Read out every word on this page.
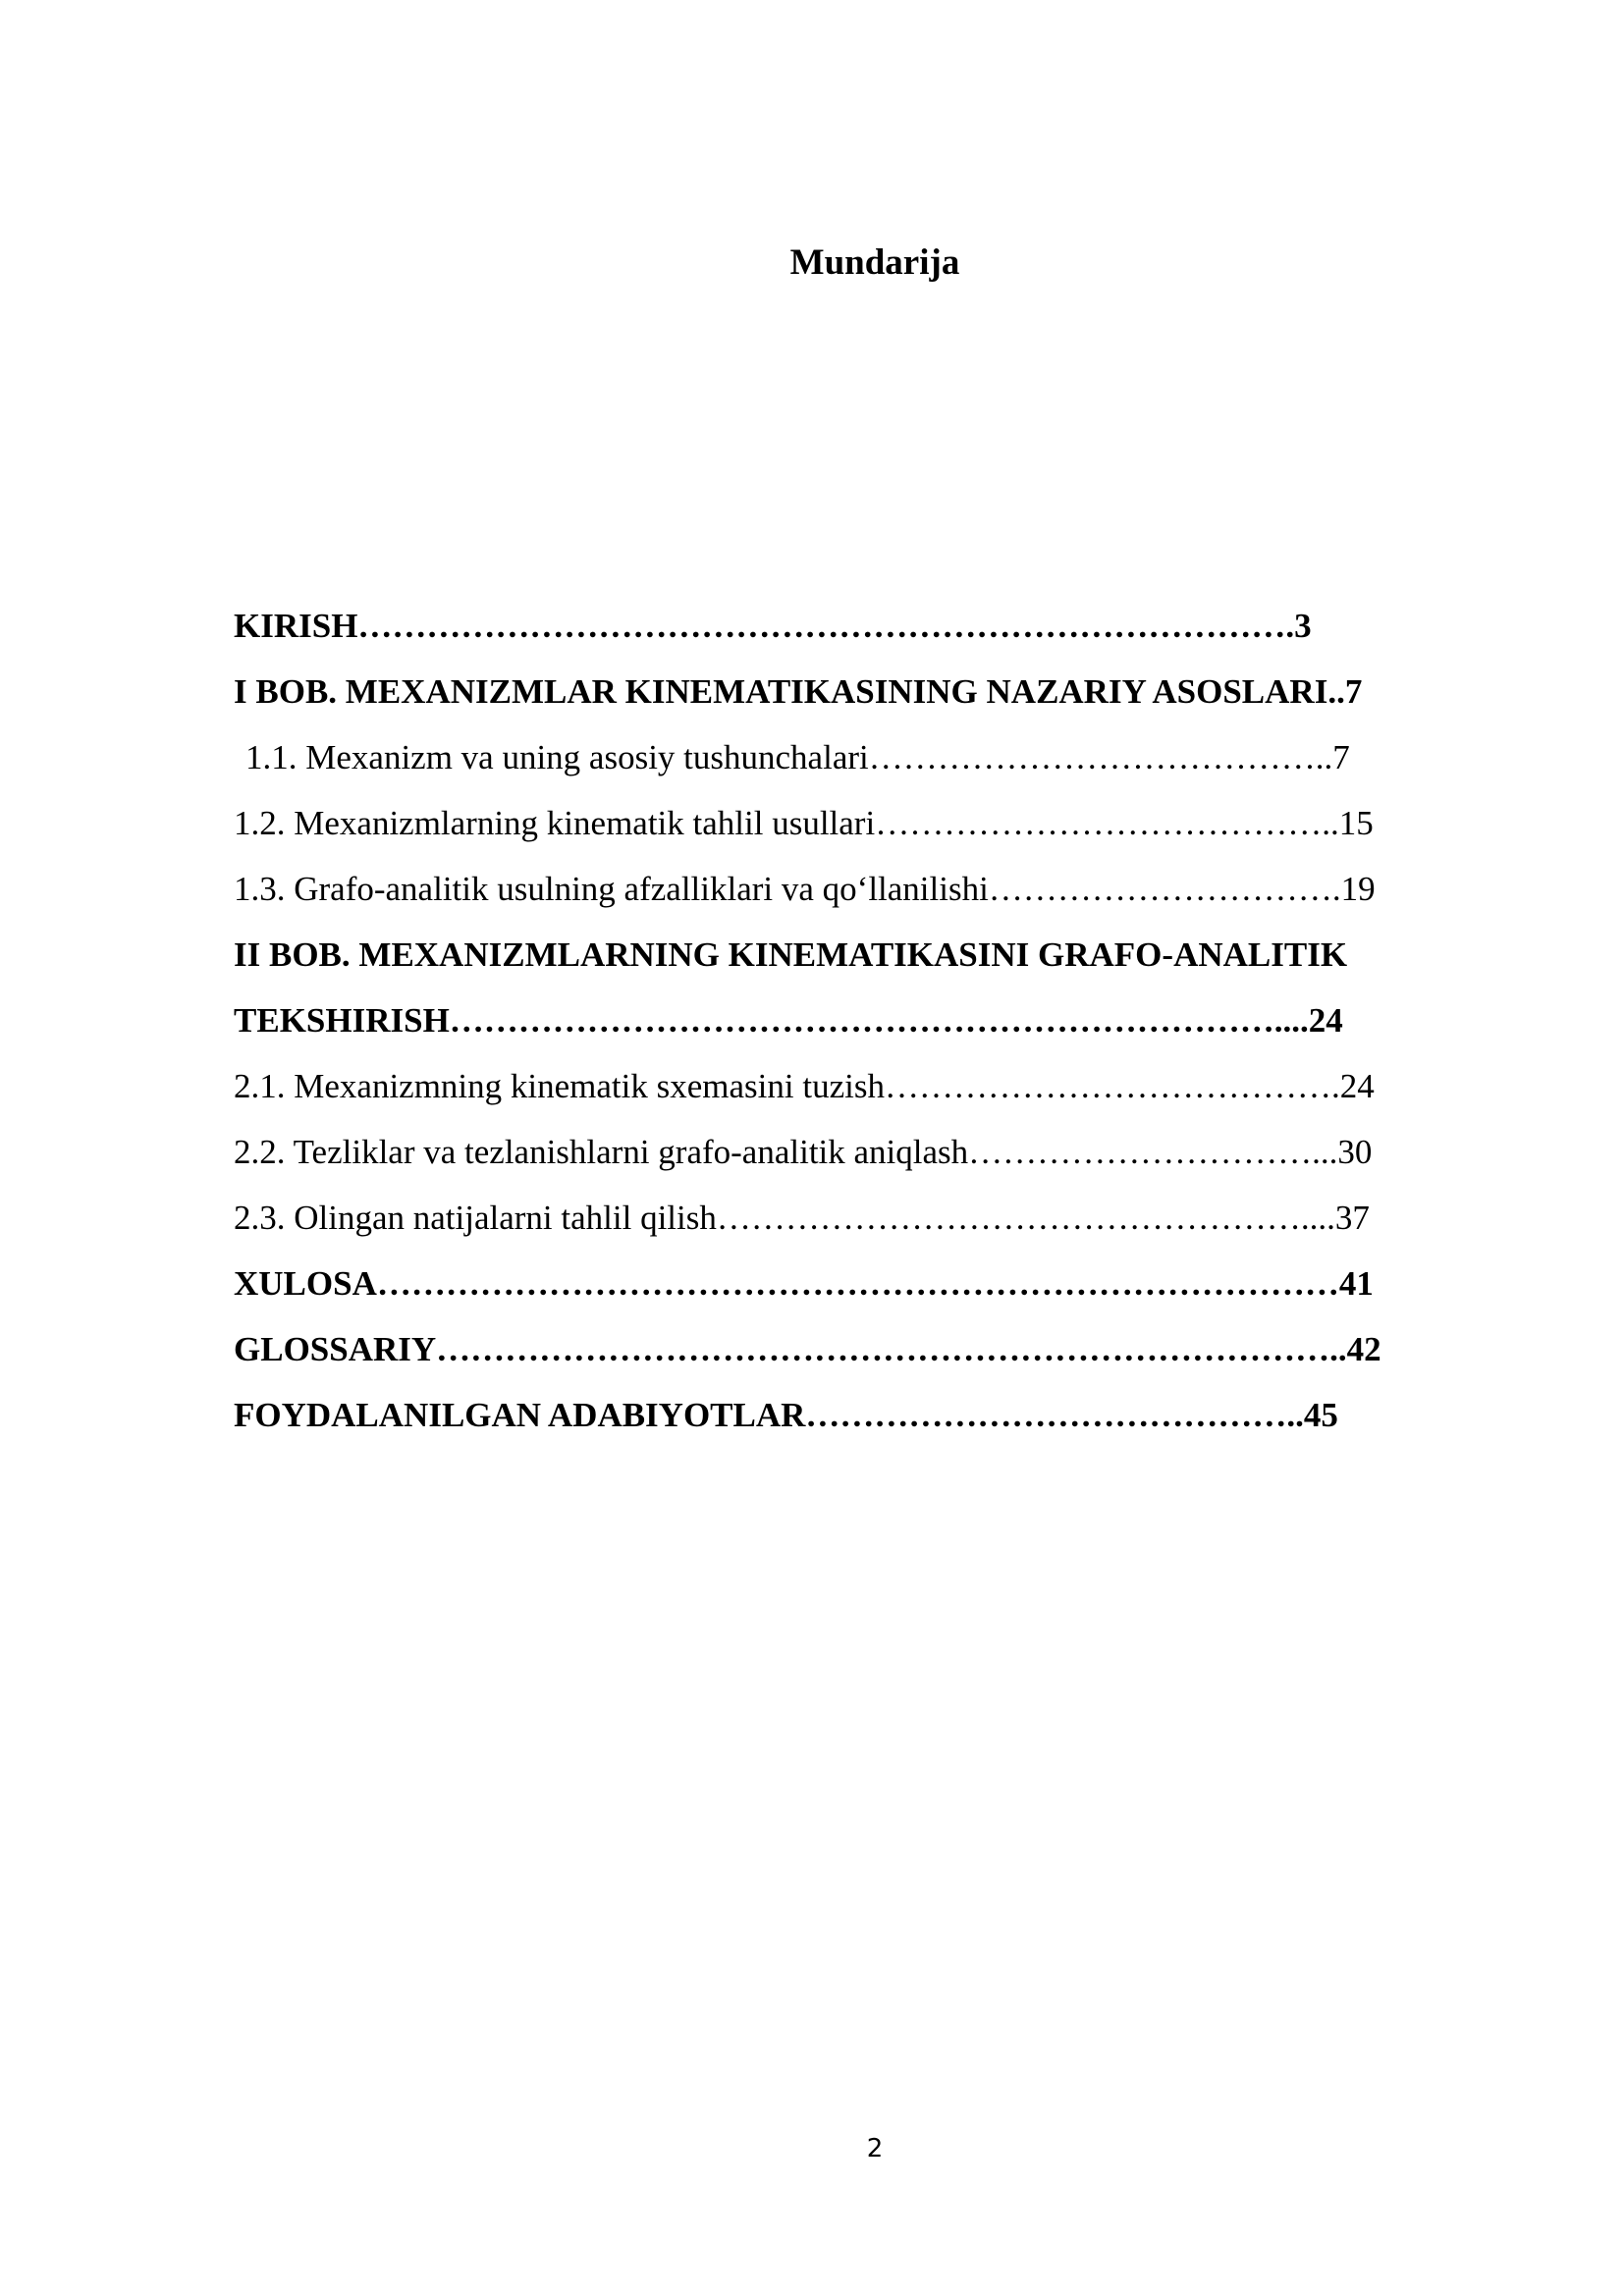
Mundarija
KIRISH……………………………………………………………………….3
I BOB. MEXANIZMLAR KINEMATIKASINING NAZARIY ASOSLARI..7
1.1. Mexanizm va uning asosiy tushunchalari…………………………………..7
1.2. Mexanizmlarning kinematik tahlil usullari…………………………………..15
1.3. Grafo-analitik usulning afzalliklari va qo‘llanilishi………………………….19
II BOB. MEXANIZMLARNING KINEMATIKASINI GRAFO-ANALITIK
TEKSHIRISH………………………………………………………………....24
2.1. Mexanizmning kinematik sxemasini tuzish………………………………….24
2.2. Tezliklar va tezlanishlarni grafo-analitik aniqlash…………………………...30
2.3. Olingan natijalarni tahlil qilish……………………………………………....37
XULOSA…………………………………………………………………………41
GLOSSARIY……………………………………………………………………..42
FOYDALANILGAN ADABIYOTLAR……………………………………..45
2
